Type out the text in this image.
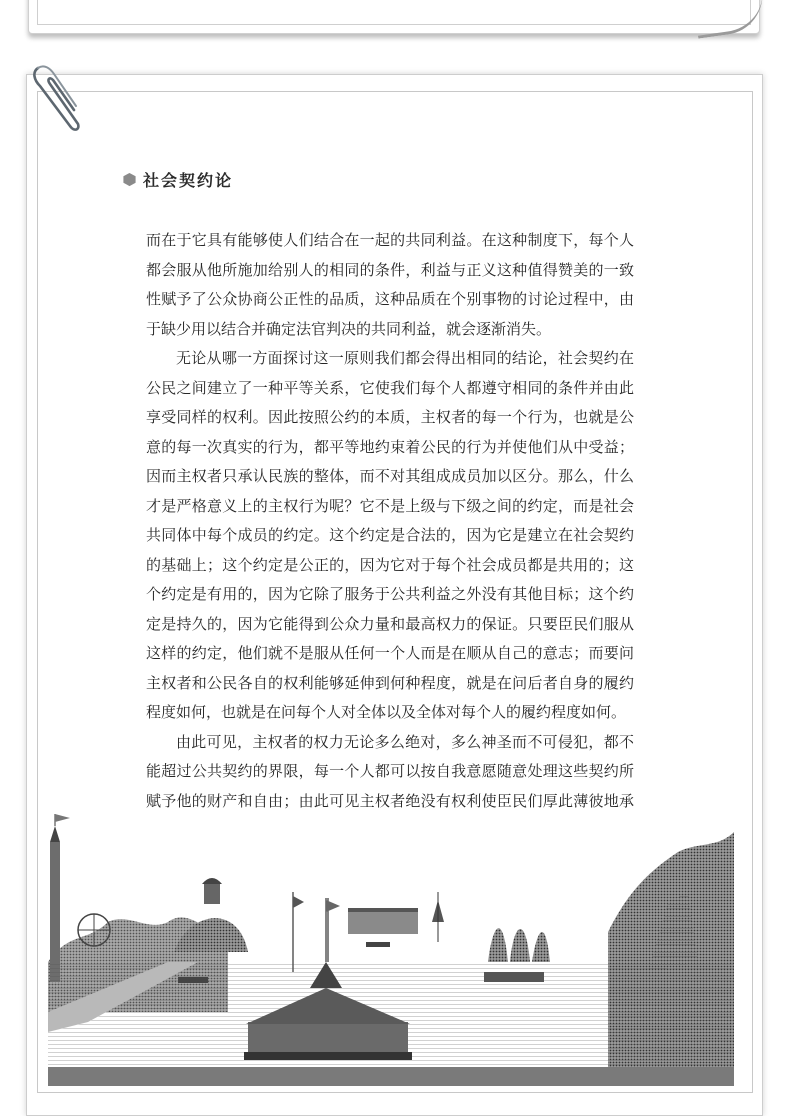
社会契约论

而在于它具有能够使人们结合在一起的共同利益。在这种制度下，每个人都会服从他所施加给别人的相同的条件，利益与正义这种值得赞美的一致性赋予了公众协商公正性的品质，这种品质在个别事物的讨论过程中，由于缺少用以结合并确定法官判决的共同利益，就会逐渐消失。

无论从哪一方面探讨这一原则我们都会得出相同的结论，社会契约在公民之间建立了一种平等关系，它使我们每个人都遵守相同的条件并由此享受同样的权利。因此按照公约的本质，主权者的每一个行为，也就是公意的每一次真实的行为，都平等地约束着公民的行为并使他们从中受益；因而主权者只承认民族的整体，而不对其组成成员加以区分。那么，什么才是严格意义上的主权行为呢？它不是上级与下级之间的约定，而是社会共同体中每个成员的约定。这个约定是合法的，因为它是建立在社会契约的基础上；这个约定是公正的，因为它对于每个社会成员都是共用的；这个约定是有用的，因为它除了服务于公共利益之外没有其他目标；这个约定是持久的，因为它能得到公众力量和最高权力的保证。只要臣民们服从这样的约定，他们就不是服从任何一个人而是在顺从自己的意志；而要问主权者和公民各自的权利能够延伸到何种程度，就是在问后者自身的履约程度如何，也就是在问每个人对全体以及全体对每个人的履约程度如何。

由此可见，主权者的权力无论多么绝对，多么神圣而不可侵犯，都不能超过公共契约的界限，每一个人都可以按自我意愿随意处理这些契约所赋予他的财产和自由；由此可见主权者绝没有权利使臣民们厚此薄彼地承
